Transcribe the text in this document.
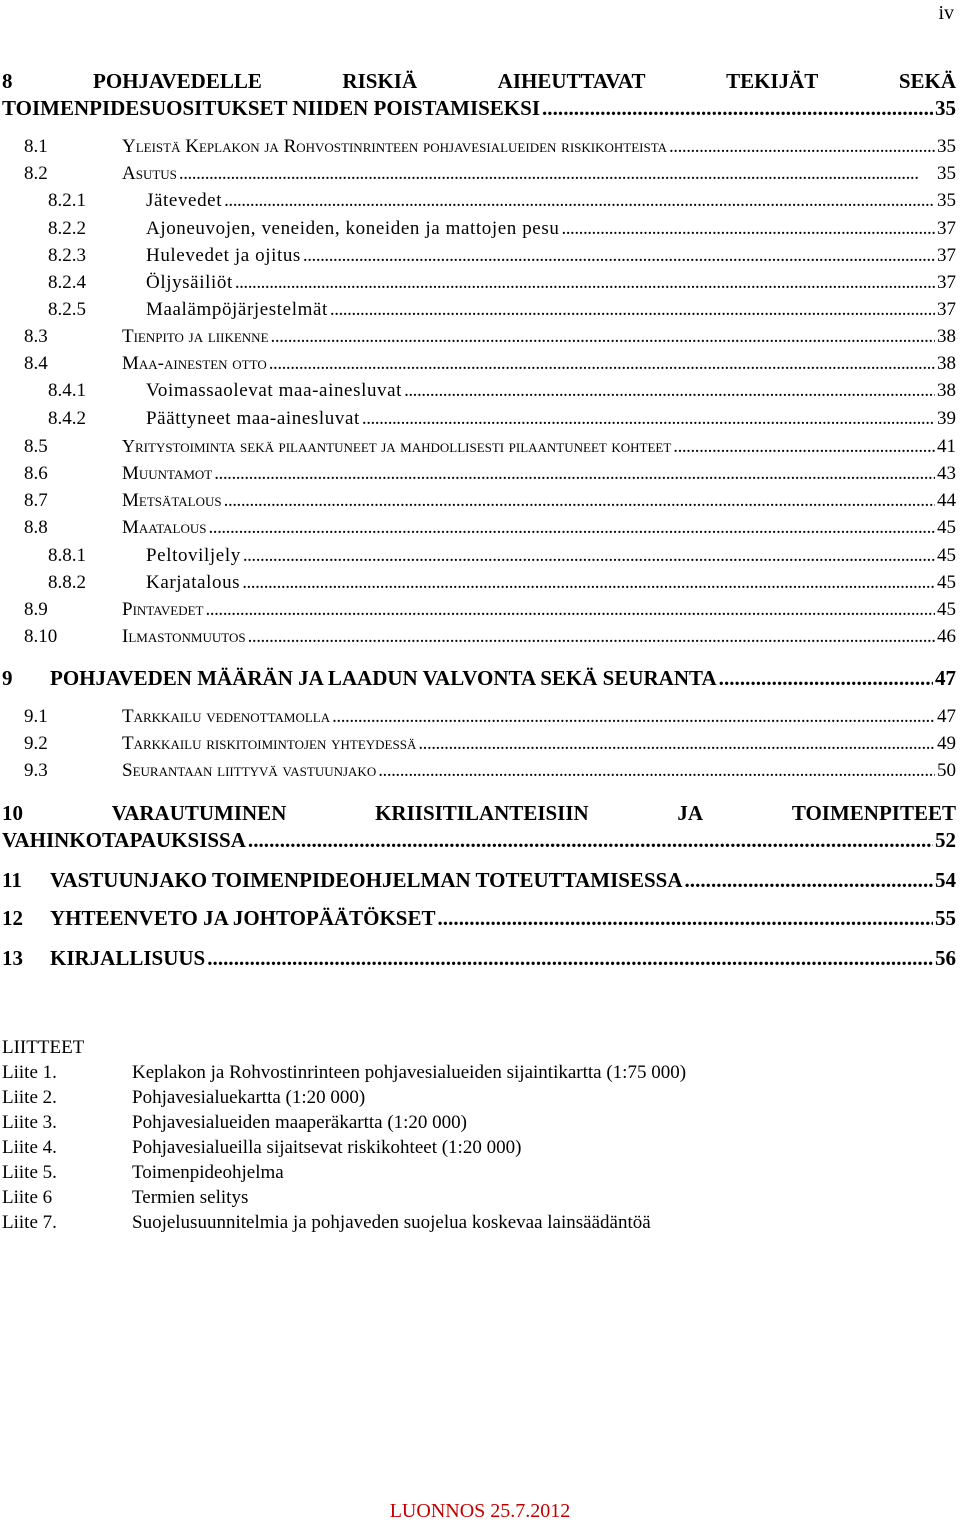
iv
8	POHJAVEDELLE	RISKIÄ	AIHEUTTAVAT	TEKIJÄT	SEKÄ
TOIMENPIDESUOSITUKSET NIIDEN POISTAMISEKSI . . .	35
8.1	Yleistä Keplakon ja Rohvostinrinteen pohjavesialueiden riskikohteista . . .	35
8.2	Asutus . . .	35
8.2.1	Jätevedet . . .	35
8.2.2	Ajoneuvojen, veneiden, koneiden ja mattojen pesu . . .	37
8.2.3	Hulevedet ja ojitus . . .	37
8.2.4	Öljysäiliöt . . .	37
8.2.5	Maalämpöjärjestelmät . . .	37
8.3	Tienpito ja liikenne . . .	38
8.4	Maa-ainesten otto . . .	38
8.4.1	Voimassaolevat maa-ainesluvat . . .	38
8.4.2	Päättyneet maa-ainesluvat . . .	39
8.5	Yritystoiminta sekä pilaantuneet ja mahdollisesti pilaantuneet kohteet . . .	41
8.6	Muuntamot . . .	43
8.7	Metsätalous . . .	44
8.8	Maatalous . . .	45
8.8.1	Peltoviljely . . .	45
8.8.2	Karjatalous . . .	45
8.9	Pintavedet . . .	45
8.10	Ilmastonmuutos . . .	46
9	POHJAVEDEN MÄÄRÄN JA LAADUN VALVONTA SEKÄ SEURANTA . . .	47
9.1	Tarkkailu vedenottamolla . . .	47
9.2	Tarkkailu riskitoimintojen yhteydessä . . .	49
9.3	Seurantaan liittyvä vastuunjako . . .	50
10	VARAUTUMINEN	KRIISITILANTEISIIN	JA	TOIMENPITEET
VAHINKOTAPAUKSISSA . . .	52
11	VASTUUNJAKO TOIMENPIDEOHJELMAN TOTEUTTAMISESSA . . .	54
12	YHTEENVETO JA JOHTOPÄÄTÖKSET . . .	55
13	KIRJALLISUUS . . .	56
LIITTEET
Liite 1.	Keplakon ja Rohvostinrinteen pohjavesialueiden sijaintikartta (1:75 000)
Liite 2.	Pohjavesialuekartta (1:20 000)
Liite 3.	Pohjavesialueiden maaperäkartta (1:20 000)
Liite 4.	Pohjavesialueilla sijaitsevat riskikohteet (1:20 000)
Liite 5.	Toimenpideohjelma
Liite 6	Termien selitys
Liite 7.	Suojelusuunnitelmia ja pohjaveden suojelua koskevaa lainsäädäntöä
LUONNOS 25.7.2012
